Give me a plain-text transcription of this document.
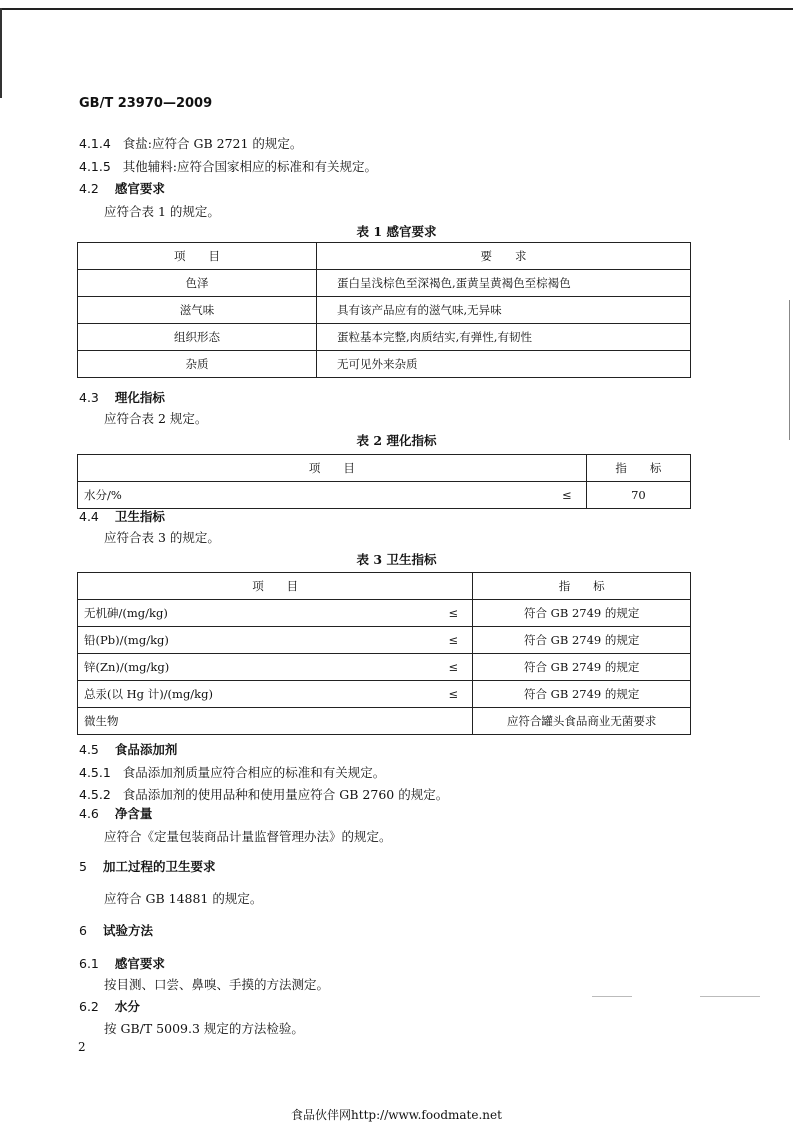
GB/T 23970—2009
4.1.4 食盐:应符合 GB 2721 的规定。
4.1.5 其他辅料:应符合国家相应的标准和有关规定。
4.2 感官要求
应符合表 1 的规定。
表 1 感官要求
项　　目	要　　求
色泽	蛋白呈浅棕色至深褐色,蛋黄呈黄褐色至棕褐色
滋气味	具有该产品应有的滋气味,无异味
组织形态	蛋粒基本完整,肉质结实,有弹性,有韧性
杂质	无可见外来杂质
4.3 理化指标
应符合表 2 规定。
表 2 理化指标
项　　目		指　　标
水分/%	≤	70
4.4 卫生指标
应符合表 3 的规定。
表 3 卫生指标
项　　目		指　　标
无机砷/(mg/kg)	≤	符合 GB 2749 的规定
铅(Pb)/(mg/kg)	≤	符合 GB 2749 的规定
锌(Zn)/(mg/kg)	≤	符合 GB 2749 的规定
总汞(以 Hg 计)/(mg/kg)	≤	符合 GB 2749 的规定
微生物		应符合罐头食品商业无菌要求
4.5 食品添加剂
4.5.1 食品添加剂质量应符合相应的标准和有关规定。
4.5.2 食品添加剂的使用品种和使用量应符合 GB 2760 的规定。
4.6 净含量
应符合《定量包装商品计量监督管理办法》的规定。
5 加工过程的卫生要求
应符合 GB 14881 的规定。
6 试验方法
6.1 感官要求
按目测、口尝、鼻嗅、手摸的方法测定。
6.2 水分
按 GB/T 5009.3 规定的方法检验。
2
食品伙伴网http://www.foodmate.net
